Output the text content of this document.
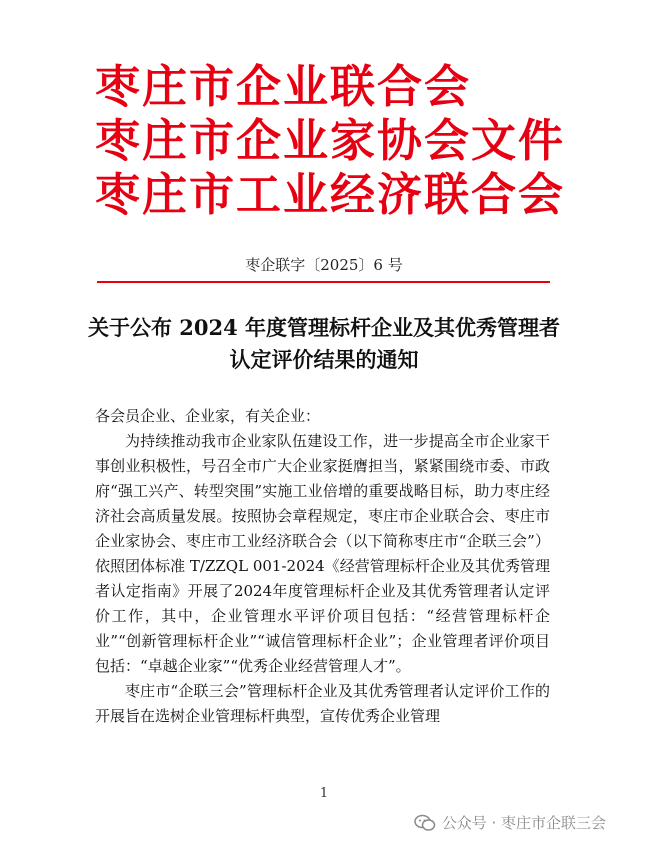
枣庄市企业联合会
枣庄市企业家协会文件
枣庄市工业经济联合会
枣企联字〔2025〕6 号
关于公布 2024 年度管理标杆企业及其优秀管理者认定评价结果的通知

各会员企业、企业家，有关企业：

为持续推动我市企业家队伍建设工作，进一步提高全市企业家干事创业积极性，号召全市广大企业家挺膺担当，紧紧围绕市委、市政府“强工兴产、转型突围”实施工业倍增的重要战略目标，助力枣庄经济社会高质量发展。按照协会章程规定，枣庄市企业联合会、枣庄市企业家协会、枣庄市工业经济联合会（以下简称枣庄市“企联三会”）依照团体标准 T/ZZQL 001-2024《经营管理标杆企业及其优秀管理者认定指南》开展了2024年度管理标杆企业及其优秀管理者认定评价工作，其中，企业管理水平评价项目包括：“经营管理标杆企业”“创新管理标杆企业”“诚信管理标杆企业”；企业管理者评价项目包括：“卓越企业家”“优秀企业经营管理人才”。

枣庄市“企联三会”管理标杆企业及其优秀管理者认定评价工作的开展旨在选树企业管理标杆典型，宣传优秀企业管理

1
公众号 · 枣庄市企联三会
